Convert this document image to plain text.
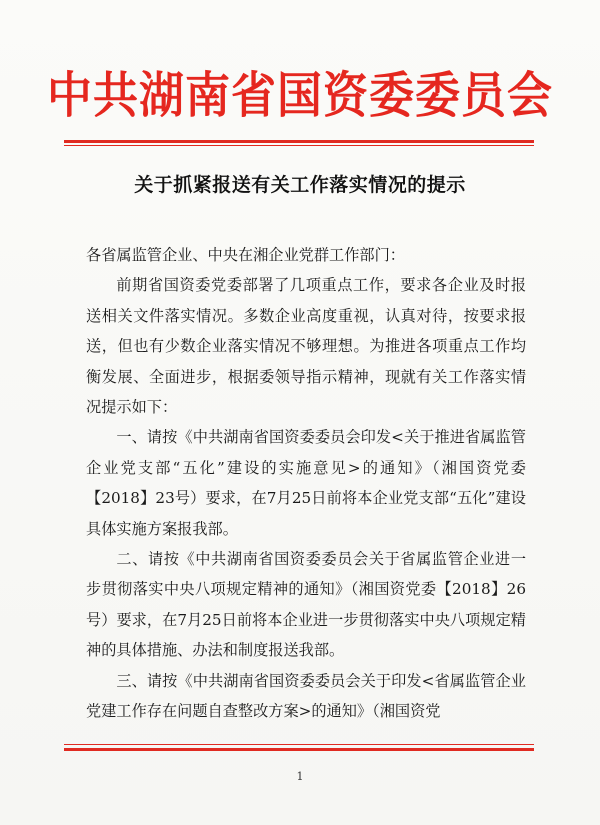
中共湖南省国资委委员会
关于抓紧报送有关工作落实情况的提示

各省属监管企业、中央在湘企业党群工作部门：

前期省国资委党委部署了几项重点工作，要求各企业及时报送相关文件落实情况。多数企业高度重视，认真对待，按要求报送，但也有少数企业落实情况不够理想。为推进各项重点工作均衡发展、全面进步，根据委领导指示精神，现就有关工作落实情况提示如下：

一、请按《中共湖南省国资委委员会印发<关于推进省属监管企业党支部“五化”建设的实施意见>的通知》（湘国资党委【2018】23号）要求，在7月25日前将本企业党支部“五化”建设具体实施方案报我部。

二、请按《中共湖南省国资委委员会关于省属监管企业进一步贯彻落实中央八项规定精神的通知》（湘国资党委【2018】26号）要求，在7月25日前将本企业进一步贯彻落实中央八项规定精神的具体措施、办法和制度报送我部。

三、请按《中共湖南省国资委委员会关于印发<省属监管企业党建工作存在问题自查整改方案>的通知》（湘国资党

1
